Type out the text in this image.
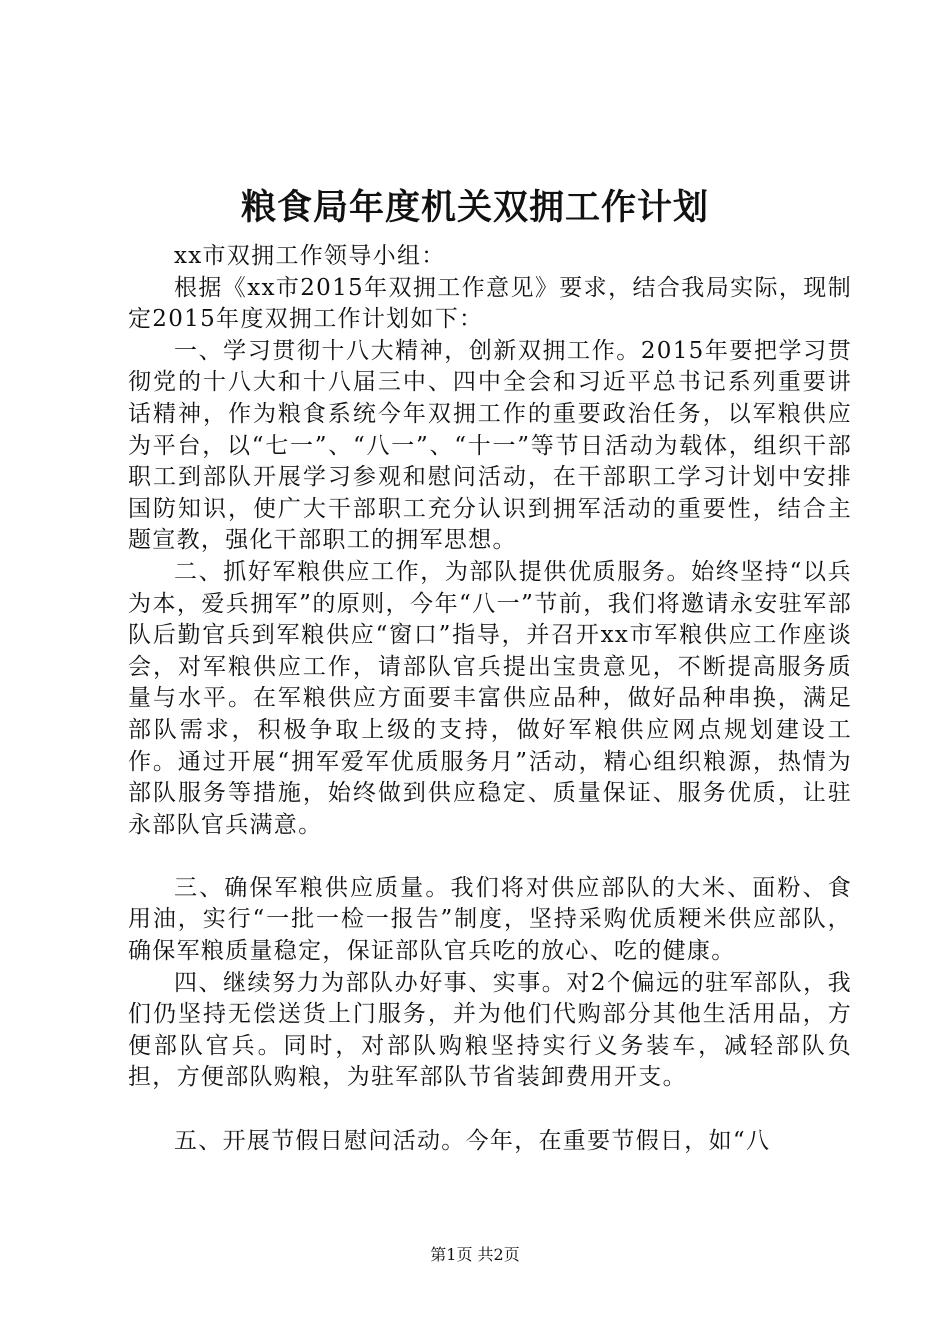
粮食局年度机关双拥工作计划

xx市双拥工作领导小组：

根据《xx市2015年双拥工作意见》要求，结合我局实际，现制定2015年度双拥工作计划如下：

一、学习贯彻十八大精神，创新双拥工作。2015年要把学习贯彻党的十八大和十八届三中、四中全会和习近平总书记系列重要讲话精神，作为粮食系统今年双拥工作的重要政治任务，以军粮供应为平台，以“七一”、“八一”、“十一”等节日活动为载体，组织干部职工到部队开展学习参观和慰问活动，在干部职工学习计划中安排国防知识，使广大干部职工充分认识到拥军活动的重要性，结合主题宣教，强化干部职工的拥军思想。

二、抓好军粮供应工作，为部队提供优质服务。始终坚持“以兵为本，爱兵拥军”的原则，今年“八一”节前，我们将邀请永安驻军部队后勤官兵到军粮供应“窗口”指导，并召开xx市军粮供应工作座谈会，对军粮供应工作，请部队官兵提出宝贵意见，不断提高服务质量与水平。在军粮供应方面要丰富供应品种，做好品种串换，满足部队需求，积极争取上级的支持，做好军粮供应网点规划建设工作。通过开展“拥军爱军优质服务月”活动，精心组织粮源，热情为部队服务等措施，始终做到供应稳定、质量保证、服务优质，让驻永部队官兵满意。

三、确保军粮供应质量。我们将对供应部队的大米、面粉、食用油，实行“一批一检一报告”制度，坚持采购优质粳米供应部队，确保军粮质量稳定，保证部队官兵吃的放心、吃的健康。

四、继续努力为部队办好事、实事。对2个偏远的驻军部队，我们仍坚持无偿送货上门服务，并为他们代购部分其他生活用品，方便部队官兵。同时，对部队购粮坚持实行义务装车，减轻部队负担，方便部队购粮，为驻军部队节省装卸费用开支。

五、开展节假日慰问活动。今年，在重要节假日，如“八

第1页 共2页
